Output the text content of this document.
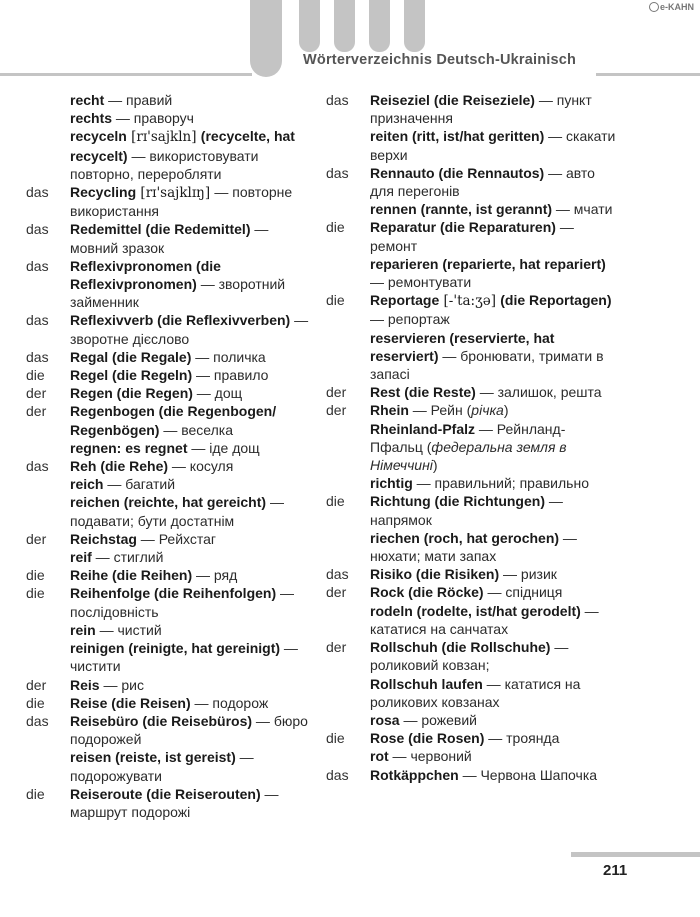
Wörterverzeichnis Deutsch-Ukrainisch
e-KAHN
recht — правий
rechts — праворуч
recyceln [rɪ'sajkln] (recycelte, hat recycelt) — використовувати повторно, переробляти
das Recycling [rɪ'sajklɪŋ] — повторне використання
das Redemittel (die Redemittel) — мовний зразок
das Reflexivpronomen (die Reflexivpronomen) — зворотний займенник
das Reflexivverb (die Reflexivverben) — зворотне дієслово
das Regal (die Regale) — поличка
die Regel (die Regeln) — правило
der Regen (die Regen) — дощ
der Regenbogen (die Regenbogen/ Regenbögen) — веселка
regnen: es regnet — іде дощ
das Reh (die Rehe) — косуля
reich — багатий
reichen (reichte, hat gereicht) — подавати; бути достатнім
der Reichstag — Рейхстаг
reif — стиглий
die Reihe (die Reihen) — ряд
die Reihenfolge (die Reihenfolgen) — послідовність
rein — чистий
reinigen (reinigte, hat gereinigt) — чистити
der Reis — рис
die Reise (die Reisen) — подорож
das Reisebüro (die Reisebüros) — бюро подорожей
reisen (reiste, ist gereist) — подорожувати
die Reiseroute (die Reiserouten) — маршрут подорожі
das Reiseziel (die Reiseziele) — пункт призначення
reiten (ritt, ist/hat geritten) — скакати верхи
das Rennauto (die Rennautos) — авто для перегонів
rennen (rannte, ist gerannt) — мчати
die Reparatur (die Reparaturen) — ремонт
reparieren (reparierte, hat repariert) — ремонтувати
die Reportage [-'ta:ʒə] (die Reportagen) — репортаж
reservieren (reservierte, hat reserviert) — бронювати, тримати в запасі
der Rest (die Reste) — залишок, решта
der Rhein — Рейн (річка)
Rheinland-Pfalz — Рейнланд-Пфальц (федеральна земля в Німеччині)
richtig — правильний; правильно
die Richtung (die Richtungen) — напрямок
riechen (roch, hat gerochen) — нюхати; мати запах
das Risiko (die Risiken) — ризик
der Rock (die Röcke) — спідниця
rodeln (rodelte, ist/hat gerodelt) — кататися на санчатах
der Rollschuh (die Rollschuhe) — роликовий ковзан;
Rollschuh laufen — кататися на роликових ковзанах
rosa — рожевий
die Rose (die Rosen) — троянда
rot — червоний
das Rotkäppchen — Червона Шапочка
211
